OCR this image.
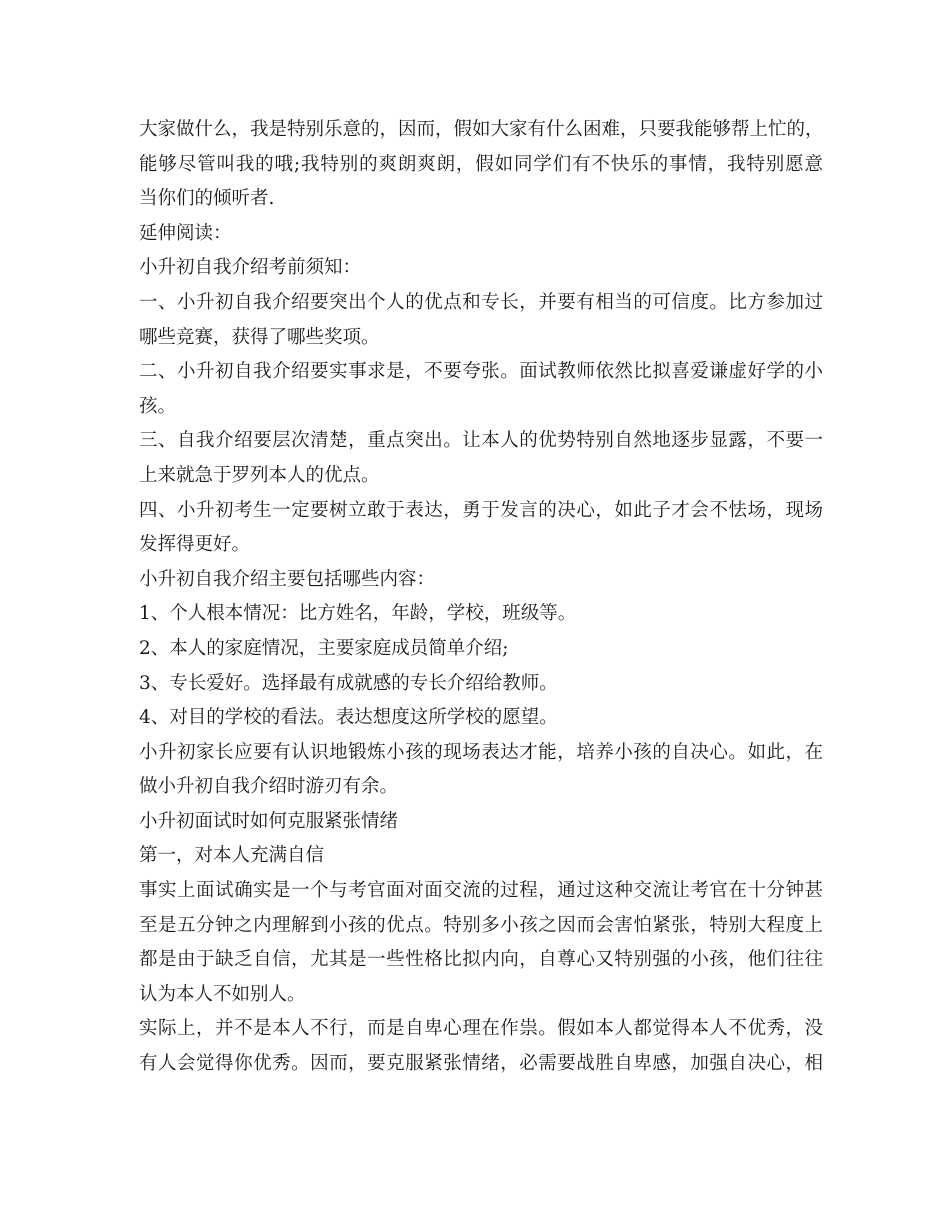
大家做什么，我是特别乐意的，因而，假如大家有什么困难，只要我能够帮上忙的，
能够尽管叫我的哦;我特别的爽朗爽朗，假如同学们有不快乐的事情，我特别愿意
当你们的倾听者.
延伸阅读：
小升初自我介绍考前须知：
一、小升初自我介绍要突出个人的优点和专长，并要有相当的可信度。比方参加过
哪些竞赛，获得了哪些奖项。
二、小升初自我介绍要实事求是，不要夸张。面试教师依然比拟喜爱谦虚好学的小
孩。
三、自我介绍要层次清楚，重点突出。让本人的优势特别自然地逐步显露，不要一
上来就急于罗列本人的优点。
四、小升初考生一定要树立敢于表达，勇于发言的决心，如此子才会不怯场，现场
发挥得更好。
小升初自我介绍主要包括哪些内容：
1、个人根本情况：比方姓名，年龄，学校，班级等。
2、本人的家庭情况，主要家庭成员简单介绍;
3、专长爱好。选择最有成就感的专长介绍给教师。
4、对目的学校的看法。表达想度这所学校的愿望。
小升初家长应要有认识地锻炼小孩的现场表达才能，培养小孩的自决心。如此，在
做小升初自我介绍时游刃有余。
小升初面试时如何克服紧张情绪
第一，对本人充满自信
事实上面试确实是一个与考官面对面交流的过程，通过这种交流让考官在十分钟甚
至是五分钟之内理解到小孩的优点。特别多小孩之因而会害怕紧张，特别大程度上
都是由于缺乏自信，尤其是一些性格比拟内向，自尊心又特别强的小孩，他们往往
认为本人不如别人。
实际上，并不是本人不行，而是自卑心理在作祟。假如本人都觉得本人不优秀，没
有人会觉得你优秀。因而，要克服紧张情绪，必需要战胜自卑感，加强自决心，相
